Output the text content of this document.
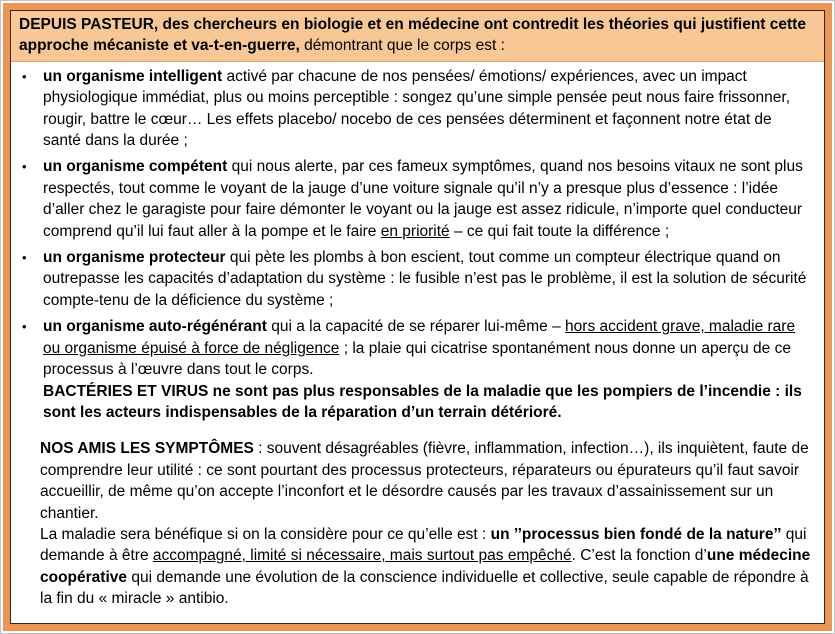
DEPUIS PASTEUR, des chercheurs en biologie et en médecine ont contredit les théories qui justifient cette approche mécaniste et va-t-en-guerre, démontrant que le corps est :
•	un organisme intelligent activé par chacune de nos pensées/ émotions/ expériences, avec un impact physiologique immédiat, plus ou moins perceptible : songez qu’une simple pensée peut nous faire frissonner, rougir, battre le cœur… Les effets placebo/ nocebo de ces pensées déterminent et façonnent notre état de santé dans la durée ;
•	un organisme compétent qui nous alerte, par ces fameux symptômes, quand nos besoins vitaux ne sont plus respectés, tout comme le voyant de la jauge d’une voiture signale qu’il n’y a presque plus d’essence : l’idée d’aller chez le garagiste pour faire démonter le voyant ou la jauge est assez ridicule, n’importe quel conducteur comprend qu’il lui faut aller à la pompe et le faire en priorité – ce qui fait toute la différence ;
•	un organisme protecteur qui pète les plombs à bon escient, tout comme un compteur électrique quand on outrepasse les capacités d’adaptation du système : le fusible n’est pas le problème, il est la solution de sécurité compte-tenu de la déficience du système ;
•	un organisme auto-régénérant qui a la capacité de se réparer lui-même – hors accident grave, maladie rare ou organisme épuisé à force de négligence ; la plaie qui cicatrise spontanément nous donne un aperçu de ce processus à l’œuvre dans tout le corps.
BACTÉRIES ET VIRUS ne sont pas plus responsables de la maladie que les pompiers de l’incendie : ils sont les acteurs indispensables de la réparation d’un terrain détérioré.
NOS AMIS LES SYMPTÔMES : souvent désagréables (fièvre, inflammation, infection…), ils inquiètent, faute de comprendre leur utilité : ce sont pourtant des processus protecteurs, réparateurs ou épurateurs qu’il faut savoir accueillir, de même qu’on accepte l’inconfort et le désordre causés par les travaux d’assainissement sur un chantier.
La maladie sera bénéfique si on la considère pour ce qu’elle est : un ’’processus bien fondé de la nature’’ qui demande à être accompagné, limité si nécessaire, mais surtout pas empêché. C’est la fonction d’une médecine coopérative qui demande une évolution de la conscience individuelle et collective, seule capable de répondre à la fin du « miracle » antibio.
